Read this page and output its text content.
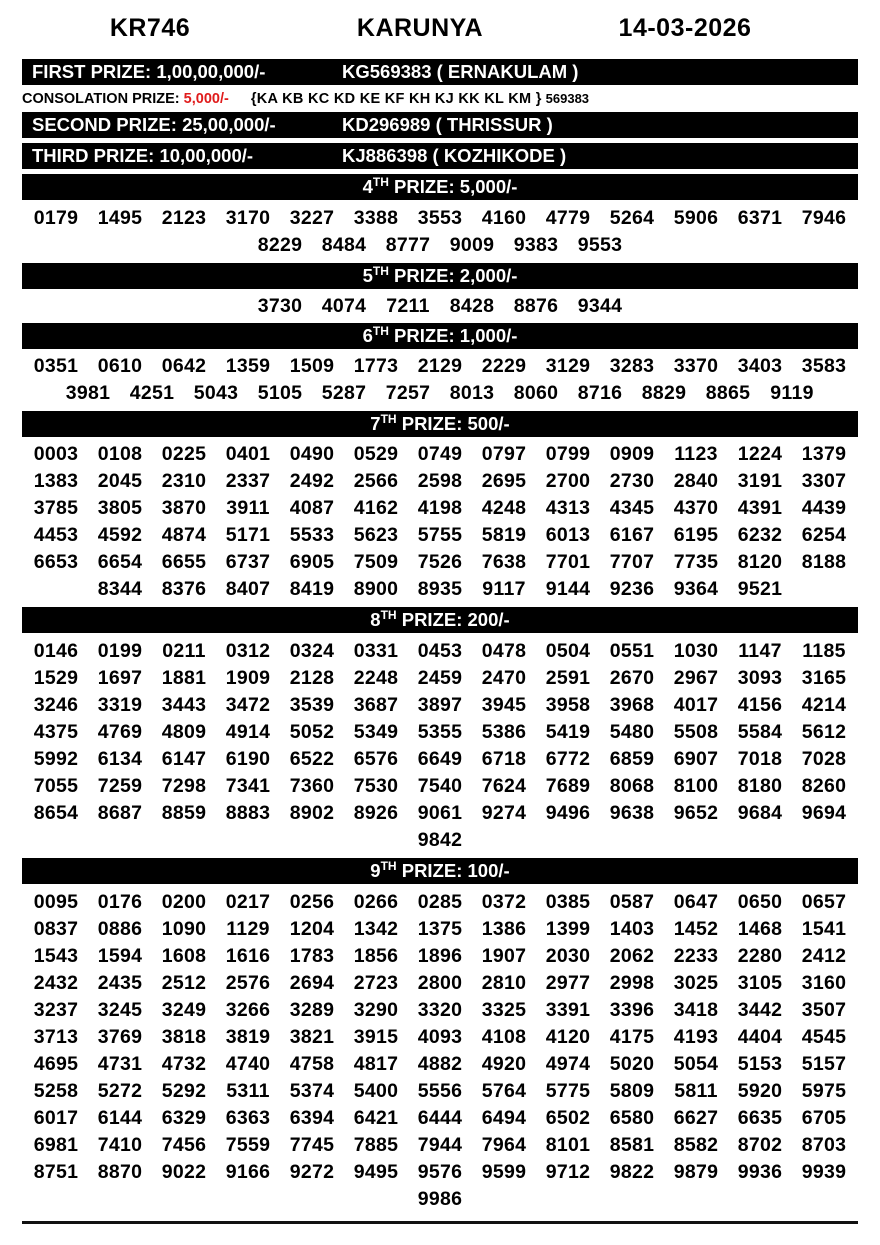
KR746	KARUNYA	14-03-2026
FIRST PRIZE: 1,00,00,000/-	KG569383 ( ERNAKULAM )
CONSOLATION PRIZE: 5,000/- {KA KB KC KD KE KF KH KJ KK KL KM } 569383
SECOND PRIZE: 25,00,000/-	KD296989 ( THRISSUR )
THIRD PRIZE: 10,00,000/-	KJ886398 ( KOZHIKODE )
4TH PRIZE: 5,000/-
0179 1495 2123 3170 3227 3388 3553 4160 4779 5264 5906 6371 7946
8229 8484 8777 9009 9383 9553
5TH PRIZE: 2,000/-
3730 4074	7211	8428 8876 9344
6TH PRIZE: 1,000/-
0351 0610 0642 1359 1509 1773 2129 2229 3129 3283 3370 3403 3583
3981 4251 5043 5105 5287 7257 8013 8060 8716 8829 8865	9119
7TH PRIZE: 500/-
0003 0108 0225 0401 0490 0529 0749 0797 0799 0909	1123	1224 1379
1383 2045 2310 2337 2492 2566 2598 2695 2700 2730 2840 3191 3307
3785 3805 3870	3911	4087 4162 4198 4248 4313 4345 4370 4391 4439
4453 4592 4874 5171 5533 5623 5755 5819 6013 6167 6195 6232 6254
6653 6654 6655 6737 6905 7509 7526 7638 7701 7707 7735 8120 8188
8344 8376 8407 8419 8900 8935	9117	9144 9236 9364 9521
8TH PRIZE: 200/-
0146 0199	0211	0312 0324 0331 0453 0478 0504 0551 1030	1147	1185
1529 1697 1881 1909 2128 2248 2459 2470 2591 2670 2967 3093 3165
3246 3319 3443 3472 3539 3687 3897 3945 3958 3968 4017 4156 4214
4375 4769 4809 4914 5052 5349 5355 5386 5419 5480 5508 5584 5612
5992 6134 6147 6190 6522 6576 6649 6718 6772 6859 6907 7018 7028
7055 7259 7298 7341 7360 7530 7540 7624 7689 8068 8100 8180 8260
8654 8687 8859 8883 8902 8926 9061 9274 9496 9638 9652 9684 9694
9842
9TH PRIZE: 100/-
0095 0176 0200 0217 0256 0266 0285 0372 0385 0587 0647 0650 0657
0837 0886 1090	1129	1204 1342 1375 1386 1399 1403 1452 1468 1541
1543 1594 1608 1616 1783 1856 1896 1907 2030 2062 2233 2280 2412
2432 2435 2512 2576 2694 2723 2800 2810 2977 2998 3025 3105 3160
3237 3245 3249 3266 3289 3290 3320 3325 3391 3396 3418 3442 3507
3713 3769 3818 3819 3821 3915 4093 4108 4120 4175 4193 4404 4545
4695 4731 4732 4740 4758 4817 4882 4920 4974 5020 5054 5153 5157
5258 5272 5292	5311	5374 5400 5556 5764 5775 5809	5811	5920 5975
6017 6144 6329 6363 6394 6421 6444 6494 6502 6580 6627 6635 6705
6981 7410 7456 7559 7745 7885 7944 7964 8101 8581 8582 8702 8703
8751 8870 9022 9166 9272 9495 9576 9599 9712 9822 9879 9936 9939
9986
